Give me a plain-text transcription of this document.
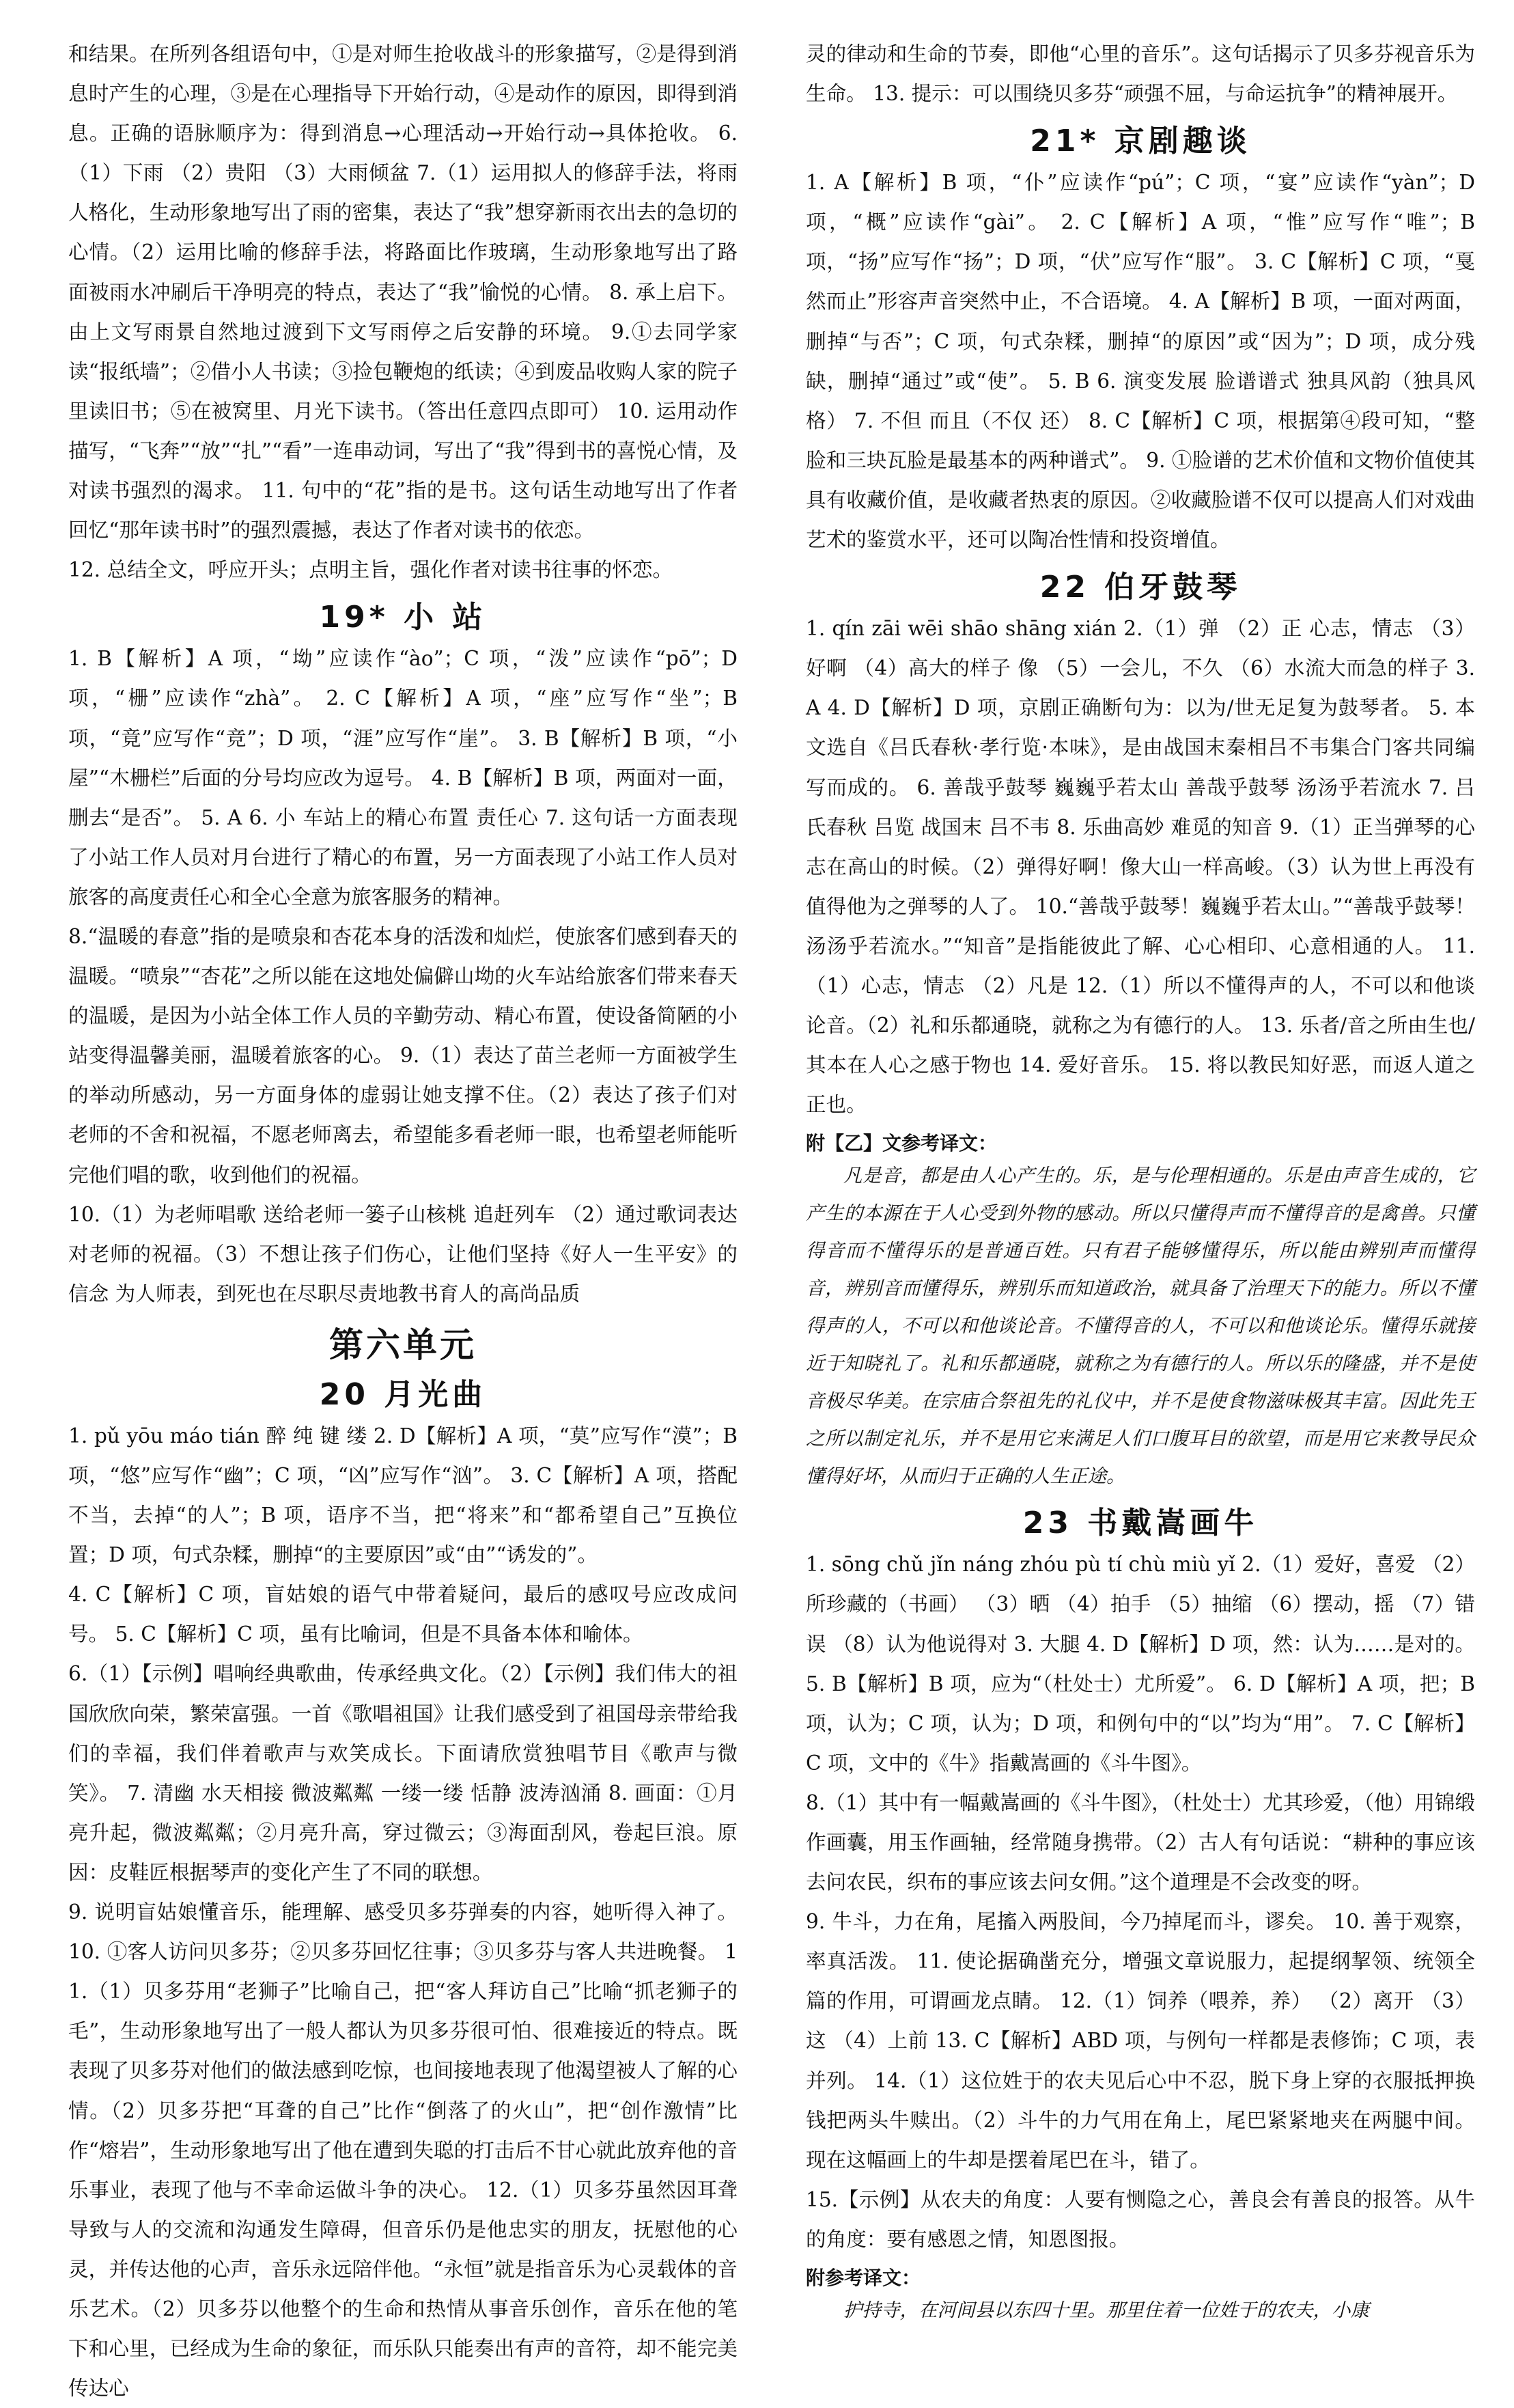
和结果。在所列各组语句中，①是对师生抢收战斗的形象描写，②是得到消息时产生的心理，③是在心理指导下开始行动，④是动作的原因，即得到消息。正确的语脉顺序为：得到消息→心理活动→开始行动→具体抢收。 6.（1）下雨 （2）贵阳 （3）大雨倾盆 7.（1）运用拟人的修辞手法，将雨人格化，生动形象地写出了雨的密集，表达了“我”想穿新雨衣出去的急切的心情。（2）运用比喻的修辞手法，将路面比作玻璃，生动形象地写出了路面被雨水冲刷后干净明亮的特点，表达了“我”愉悦的心情。 8. 承上启下。由上文写雨景自然地过渡到下文写雨停之后安静的环境。 9.①去同学家读“报纸墙”；②借小人书读；③捡包鞭炮的纸读；④到废品收购人家的院子里读旧书；⑤在被窝里、月光下读书。（答出任意四点即可） 10. 运用动作描写，“飞奔”“放”“扎”“看”一连串动词，写出了“我”得到书的喜悦心情，及对读书强烈的渴求。 11. 句中的“花”指的是书。这句话生动地写出了作者回忆“那年读书时”的强烈震撼，表达了作者对读书的依恋。

12. 总结全文，呼应开头；点明主旨，强化作者对读书往事的怀恋。

19* 小 站

1. B【解析】A 项，“坳”应读作“ào”；C 项，“泼”应读作“pō”；D 项，“栅”应读作“zhà”。 2. C【解析】A 项，“座”应写作“坐”；B 项，“竟”应写作“竞”；D 项，“涯”应写作“崖”。 3. B【解析】B 项，“小屋”“木栅栏”后面的分号均应改为逗号。 4. B【解析】B 项，两面对一面，删去“是否”。 5. A 6. 小 车站上的精心布置 责任心 7. 这句话一方面表现了小站工作人员对月台进行了精心的布置，另一方面表现了小站工作人员对旅客的高度责任心和全心全意为旅客服务的精神。

8.“温暖的春意”指的是喷泉和杏花本身的活泼和灿烂，使旅客们感到春天的温暖。“喷泉”“杏花”之所以能在这地处偏僻山坳的火车站给旅客们带来春天的温暖，是因为小站全体工作人员的辛勤劳动、精心布置，使设备简陋的小站变得温馨美丽，温暖着旅客的心。 9.（1）表达了苗兰老师一方面被学生的举动所感动，另一方面身体的虚弱让她支撑不住。（2）表达了孩子们对老师的不舍和祝福，不愿老师离去，希望能多看老师一眼，也希望老师能听完他们唱的歌，收到他们的祝福。

10.（1）为老师唱歌 送给老师一篓子山核桃 追赶列车 （2）通过歌词表达对老师的祝福。（3）不想让孩子们伤心，让他们坚持《好人一生平安》的信念 为人师表，到死也在尽职尽责地教书育人的高尚品质

第六单元
20 月光曲

1. pǔ yōu máo tián 醉 纯 键 缕 2. D【解析】A 项，“莫”应写作“漠”；B 项，“悠”应写作“幽”；C 项，“凶”应写作“汹”。 3. C【解析】A 项，搭配不当，去掉“的人”；B 项，语序不当，把“将来”和“都希望自己”互换位置；D 项，句式杂糅，删掉“的主要原因”或“由”“诱发的”。

4. C【解析】C 项，盲姑娘的语气中带着疑问，最后的感叹号应改成问号。 5. C【解析】C 项，虽有比喻词，但是不具备本体和喻体。

6.（1）【示例】唱响经典歌曲，传承经典文化。（2）【示例】我们伟大的祖国欣欣向荣，繁荣富强。一首《歌唱祖国》让我们感受到了祖国母亲带给我们的幸福，我们伴着歌声与欢笑成长。下面请欣赏独唱节目《歌声与微笑》。 7. 清幽 水天相接 微波粼粼 一缕一缕 恬静 波涛汹涌 8. 画面：①月亮升起，微波粼粼；②月亮升高，穿过微云；③海面刮风，卷起巨浪。原因：皮鞋匠根据琴声的变化产生了不同的联想。

9. 说明盲姑娘懂音乐，能理解、感受贝多芬弹奏的内容，她听得入神了。 10. ①客人访问贝多芬；②贝多芬回忆往事；③贝多芬与客人共进晚餐。 11.（1）贝多芬用“老狮子”比喻自己，把“客人拜访自己”比喻“抓老狮子的毛”，生动形象地写出了一般人都认为贝多芬很可怕、很难接近的特点。既表现了贝多芬对他们的做法感到吃惊，也间接地表现了他渴望被人了解的心情。（2）贝多芬把“耳聋的自己”比作“倒落了的火山”，把“创作激情”比作“熔岩”，生动形象地写出了他在遭到失聪的打击后不甘心就此放弃他的音乐事业，表现了他与不幸命运做斗争的决心。 12.（1）贝多芬虽然因耳聋导致与人的交流和沟通发生障碍，但音乐仍是他忠实的朋友，抚慰他的心灵，并传达他的心声，音乐永远陪伴他。“永恒”就是指音乐为心灵载体的音乐艺术。（2）贝多芬以他整个的生命和热情从事音乐创作，音乐在他的笔下和心里，已经成为生命的象征，而乐队只能奏出有声的音符，却不能完美传达心

灵的律动和生命的节奏，即他“心里的音乐”。这句话揭示了贝多芬视音乐为生命。 13. 提示：可以围绕贝多芬“顽强不屈，与命运抗争”的精神展开。

21* 京剧趣谈

1. A【解析】B 项，“仆”应读作“pú”；C 项，“宴”应读作“yàn”；D 项，“概”应读作“gài”。 2. C【解析】A 项，“惟”应写作“唯”；B 项，“扬”应写作“扬”；D 项，“伏”应写作“服”。 3. C【解析】C 项，“戛然而止”形容声音突然中止，不合语境。 4. A【解析】B 项，一面对两面，删掉“与否”；C 项，句式杂糅，删掉“的原因”或“因为”；D 项，成分残缺，删掉“通过”或“使”。 5. B 6. 演变发展 脸谱谱式 独具风韵（独具风格） 7. 不但 而且（不仅 还） 8. C【解析】C 项，根据第④段可知，“整脸和三块瓦脸是最基本的两种谱式”。 9. ①脸谱的艺术价值和文物价值使其具有收藏价值，是收藏者热衷的原因。②收藏脸谱不仅可以提高人们对戏曲艺术的鉴赏水平，还可以陶冶性情和投资增值。

22 伯牙鼓琴

1. qín zāi wēi shāo shāng xián 2.（1）弹 （2）正 心志，情志 （3）好啊 （4）高大的样子 像 （5）一会儿，不久 （6）水流大而急的样子 3. A 4. D【解析】D 项，京剧正确断句为：以为/世无足复为鼓琴者。 5. 本文选自《吕氏春秋·孝行览·本味》，是由战国末秦相吕不韦集合门客共同编写而成的。 6. 善哉乎鼓琴 巍巍乎若太山 善哉乎鼓琴 汤汤乎若流水 7. 吕氏春秋 吕览 战国末 吕不韦 8. 乐曲高妙 难觅的知音 9.（1）正当弹琴的心志在高山的时候。（2）弹得好啊！像大山一样高峻。（3）认为世上再没有值得他为之弹琴的人了。 10.“善哉乎鼓琴！巍巍乎若太山。”“善哉乎鼓琴！汤汤乎若流水。”“知音”是指能彼此了解、心心相印、心意相通的人。 11.（1）心志，情志 （2）凡是 12.（1）所以不懂得声的人，不可以和他谈论音。（2）礼和乐都通晓，就称之为有德行的人。 13. 乐者/音之所由生也/其本在人心之感于物也 14. 爱好音乐。 15. 将以教民知好恶，而返人道之正也。

附【乙】文参考译文：

凡是音，都是由人心产生的。乐，是与伦理相通的。乐是由声音生成的，它产生的本源在于人心受到外物的感动。所以只懂得声而不懂得音的是禽兽。只懂得音而不懂得乐的是普通百姓。只有君子能够懂得乐，所以能由辨别声而懂得音，辨别音而懂得乐，辨别乐而知道政治，就具备了治理天下的能力。所以不懂得声的人，不可以和他谈论音。不懂得音的人，不可以和他谈论乐。懂得乐就接近于知晓礼了。礼和乐都通晓，就称之为有德行的人。所以乐的隆盛，并不是使音极尽华美。在宗庙合祭祖先的礼仪中，并不是使食物滋味极其丰富。因此先王之所以制定礼乐，并不是用它来满足人们口腹耳目的欲望，而是用它来教导民众懂得好坏，从而归于正确的人生正途。

23 书戴嵩画牛

1. sōng chǔ jǐn náng zhóu pù tí chù miù yǐ 2.（1）爱好，喜爱 （2）所珍藏的（书画） （3）晒 （4）拍手 （5）抽缩 （6）摆动，摇 （7）错误 （8）认为他说得对 3. 大腿 4. D【解析】D 项，然：认为……是对的。 5. B【解析】B 项，应为“（杜处士）尤所爱”。 6. D【解析】A 项，把；B 项，认为；C 项，认为；D 项，和例句中的“以”均为“用”。 7. C【解析】C 项，文中的《牛》指戴嵩画的《斗牛图》。

8.（1）其中有一幅戴嵩画的《斗牛图》，（杜处士）尤其珍爱，（他）用锦缎作画囊，用玉作画轴，经常随身携带。（2）古人有句话说：“耕种的事应该去问农民，织布的事应该去问女佣。”这个道理是不会改变的呀。

9. 牛斗，力在角，尾搐入两股间，今乃掉尾而斗，谬矣。 10. 善于观察，率真活泼。 11. 使论据确凿充分，增强文章说服力，起提纲挈领、统领全篇的作用，可谓画龙点睛。 12.（1）饲养（喂养，养） （2）离开 （3）这 （4）上前 13. C【解析】ABD 项，与例句一样都是表修饰；C 项，表并列。 14.（1）这位姓于的农夫见后心中不忍，脱下身上穿的衣服抵押换钱把两头牛赎出。（2）斗牛的力气用在角上，尾巴紧紧地夹在两腿中间。现在这幅画上的牛却是摆着尾巴在斗，错了。

15.【示例】从农夫的角度：人要有恻隐之心，善良会有善良的报答。从牛的角度：要有感恩之情，知恩图报。

附参考译文：

护持寺，在河间县以东四十里。那里住着一位姓于的农夫，小康
